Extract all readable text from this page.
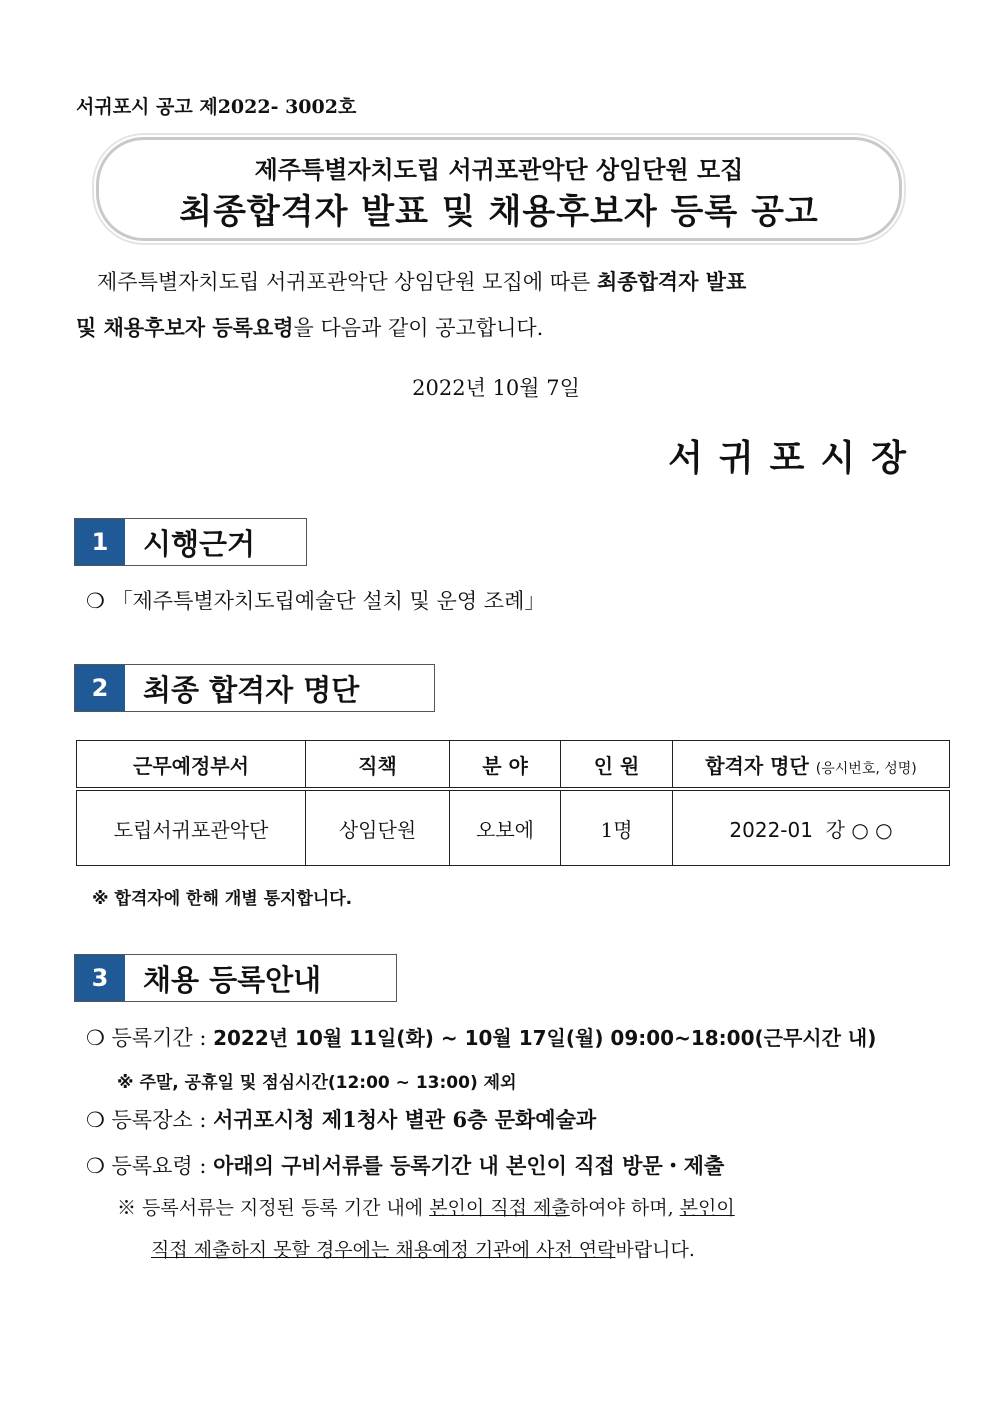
서귀포시 공고 제2022- 3002호
제주특별자치도립 서귀포관악단 상임단원 모집
최종합격자 발표 및 채용후보자 등록 공고
제주특별자치도립 서귀포관악단 상임단원 모집에 따른 최종합격자 발표
및 채용후보자 등록요령을 다음과 같이 공고합니다.
2022년 10월 7일
서귀포시장
1	시행근거
❍ 「제주특별자치도립예술단 설치 및 운영 조례」
2	최종 합격자 명단
근무예정부서	직책	분 야	인 원	합격자 명단 (응시번호, 성명)
도립서귀포관악단	상임단원	오보에	1명	2022-01  강 ○ ○
※ 합격자에 한해 개별 통지합니다.
3	채용 등록안내
❍ 등록기간 : 2022년 10월 11일(화) ~ 10월 17일(월) 09:00~18:00(근무시간 내)
※ 주말, 공휴일 및 점심시간(12:00 ~ 13:00) 제외
❍ 등록장소 : 서귀포시청 제1청사 별관 6층 문화예술과
❍ 등록요령 : 아래의 구비서류를 등록기간 내 본인이 직접 방문・제출
※ 등록서류는 지정된 등록 기간 내에 본인이 직접 제출하여야 하며, 본인이
직접 제출하지 못할 경우에는 채용예정 기관에 사전 연락바랍니다.
